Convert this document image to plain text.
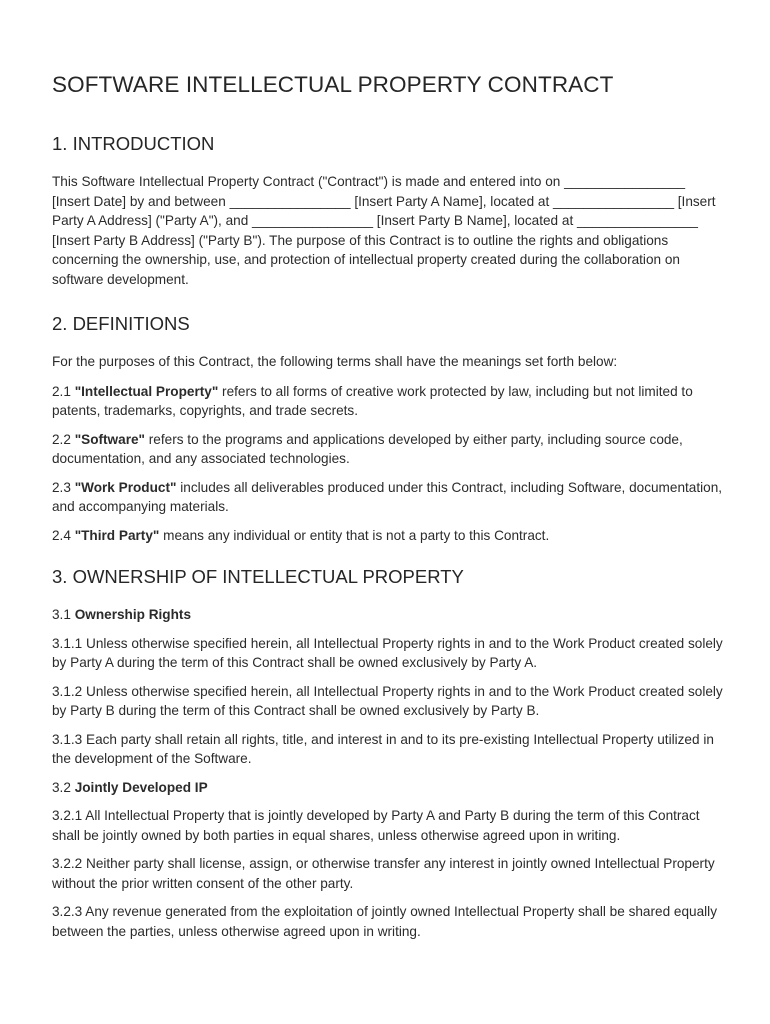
SOFTWARE INTELLECTUAL PROPERTY CONTRACT
1. INTRODUCTION

This Software Intellectual Property Contract ("Contract") is made and entered into on ________________ [Insert Date] by and between ________________ [Insert Party A Name], located at ________________ [Insert Party A Address] ("Party A"), and ________________ [Insert Party B Name], located at ________________ [Insert Party B Address] ("Party B"). The purpose of this Contract is to outline the rights and obligations concerning the ownership, use, and protection of intellectual property created during the collaboration on software development.

2. DEFINITIONS

For the purposes of this Contract, the following terms shall have the meanings set forth below:

2.1 "Intellectual Property" refers to all forms of creative work protected by law, including but not limited to patents, trademarks, copyrights, and trade secrets.

2.2 "Software" refers to the programs and applications developed by either party, including source code, documentation, and any associated technologies.

2.3 "Work Product" includes all deliverables produced under this Contract, including Software, documentation, and accompanying materials.

2.4 "Third Party" means any individual or entity that is not a party to this Contract.

3. OWNERSHIP OF INTELLECTUAL PROPERTY

3.1 Ownership Rights

3.1.1 Unless otherwise specified herein, all Intellectual Property rights in and to the Work Product created solely by Party A during the term of this Contract shall be owned exclusively by Party A.

3.1.2 Unless otherwise specified herein, all Intellectual Property rights in and to the Work Product created solely by Party B during the term of this Contract shall be owned exclusively by Party B.

3.1.3 Each party shall retain all rights, title, and interest in and to its pre-existing Intellectual Property utilized in the development of the Software.

3.2 Jointly Developed IP

3.2.1 All Intellectual Property that is jointly developed by Party A and Party B during the term of this Contract shall be jointly owned by both parties in equal shares, unless otherwise agreed upon in writing.

3.2.2 Neither party shall license, assign, or otherwise transfer any interest in jointly owned Intellectual Property without the prior written consent of the other party.

3.2.3 Any revenue generated from the exploitation of jointly owned Intellectual Property shall be shared equally between the parties, unless otherwise agreed upon in writing.
